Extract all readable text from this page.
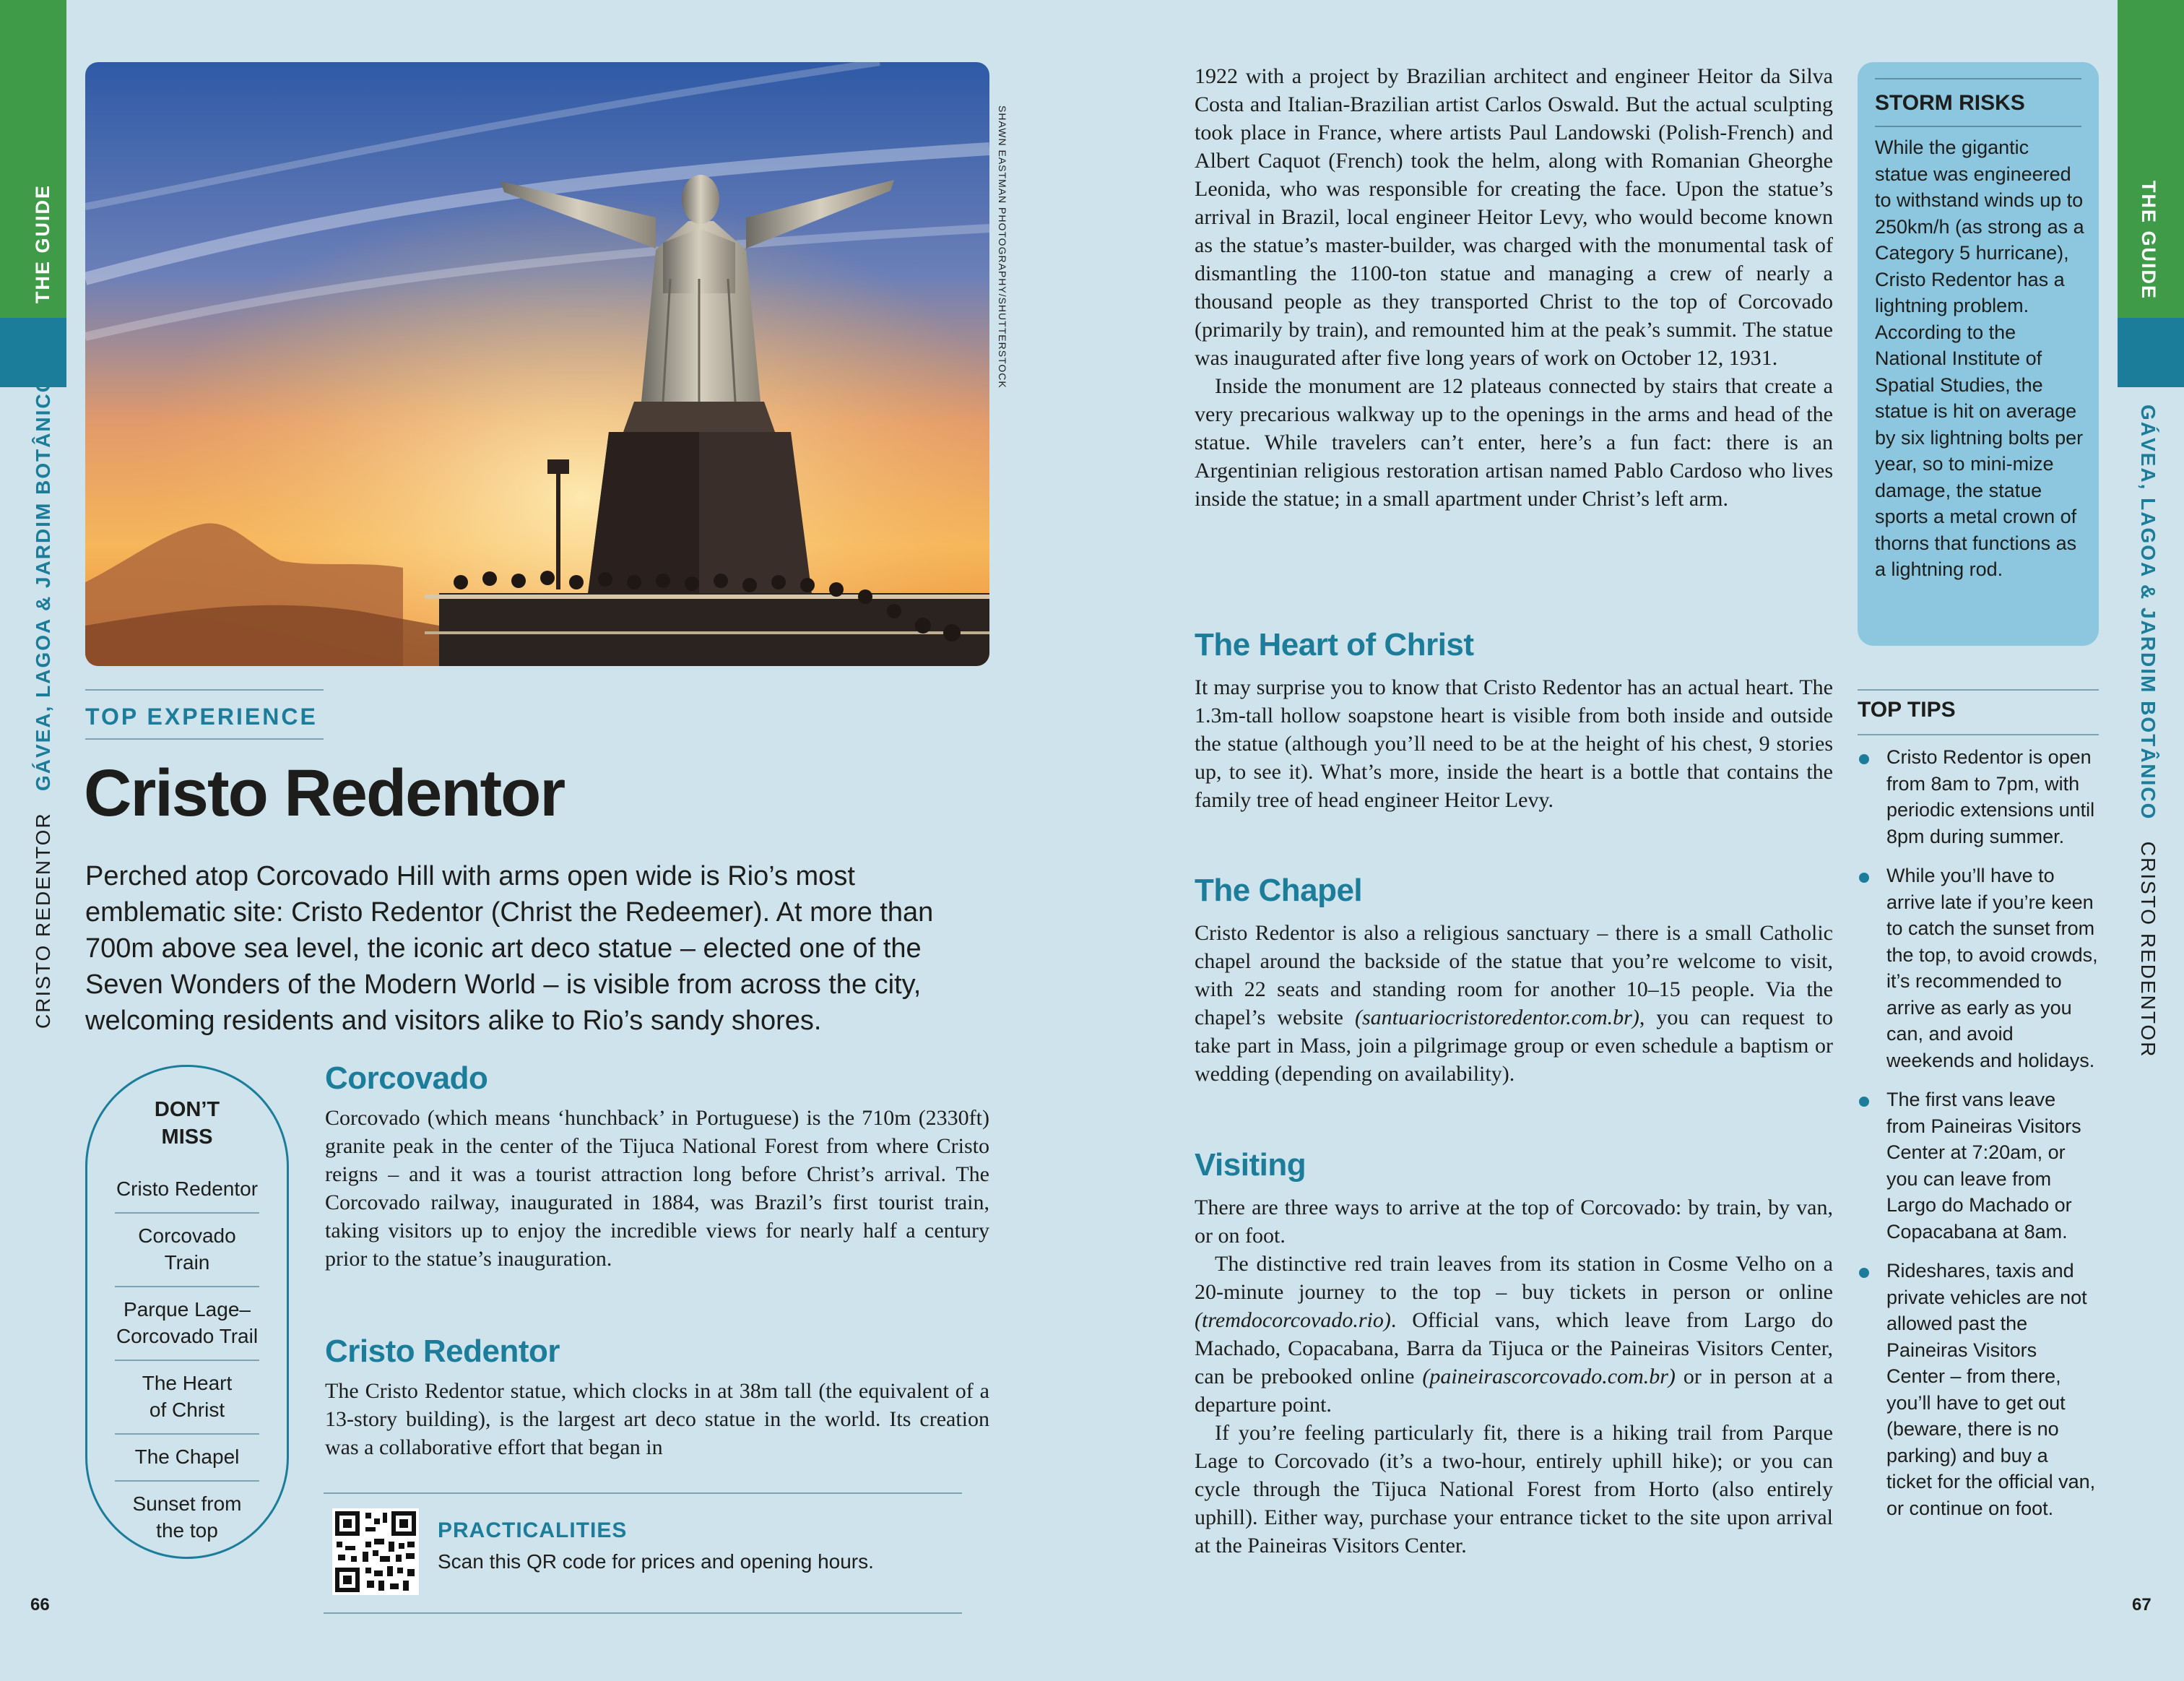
THE GUIDE
CRISTO REDENTOR   GÁVEA, LAGOA & JARDIM BOTÂNICO
66
THE GUIDE
GÁVEA, LAGOA & JARDIM BOTÂNICO   CRISTO REDENTOR
67
SHAWN EASTMAN PHOTOGRAPHY/SHUTTERSTOCK
TOP EXPERIENCE
Cristo Redentor
Perched atop Corcovado Hill with arms open wide is Rio’s most emblematic site: Cristo Redentor (Christ the Redeemer). At more than 700m above sea level, the iconic art deco statue – elected one of the Seven Wonders of the Modern World – is visible from across the city, welcoming residents and visitors alike to Rio’s sandy shores.
DON’T
MISS
Cristo Redentor
Corcovado Train
Parque Lage–
Corcovado Trail
The Heart
of Christ
The Chapel
Sunset from
the top
Corcovado

Corcovado (which means ‘hunchback’ in Portuguese) is the 710m (2330ft) granite peak in the center of the Tijuca National Forest from where Cristo reigns – and it was a tourist attraction long before Christ’s arrival. The Corcovado railway, inaugurated in 1884, was Brazil’s first tourist train, taking visitors up to enjoy the incredible views for nearly half a century prior to the statue’s inauguration.

Cristo Redentor

The Cristo Redentor statue, which clocks in at 38m tall (the equivalent of a 13-story building), is the largest art deco statue in the world. Its creation was a collaborative effort that began in

PRACTICALITIES
Scan this QR code for prices and opening hours.

1922 with a project by Brazilian architect and engineer Heitor da Silva Costa and Italian-Brazilian artist Carlos Oswald. But the actual sculpting took place in France, where artists Paul Landowski (Polish-French) and Albert Caquot (French) took the helm, along with Romanian Gheorghe Leonida, who was responsible for creating the face. Upon the statue’s arrival in Brazil, local engineer Heitor Levy, who would become known as the statue’s master-builder, was charged with the monumental task of dismantling the 1100-ton statue and managing a crew of nearly a thousand people as they transported Christ to the top of Corcovado (primarily by train), and remounted him at the peak’s summit. The statue was inaugurated after five long years of work on October 12, 1931.

Inside the monument are 12 plateaus connected by stairs that create a very precarious walkway up to the openings in the arms and head of the statue. While travelers can’t enter, here’s a fun fact: there is an Argentinian religious restoration artisan named Pablo Cardoso who lives inside the statue; in a small apartment under Christ’s left arm.

The Heart of Christ

It may surprise you to know that Cristo Redentor has an actual heart. The 1.3m-tall hollow soapstone heart is visible from both inside and outside the statue (although you’ll need to be at the height of his chest, 9 stories up, to see it). What’s more, inside the heart is a bottle that contains the family tree of head engineer Heitor Levy.

The Chapel

Cristo Redentor is also a religious sanctuary – there is a small Catholic chapel around the backside of the statue that you’re welcome to visit, with 22 seats and standing room for another 10–15 people. Via the chapel’s website (santuariocristoredentor.com.br), you can request to take part in Mass, join a pilgrimage group or even schedule a baptism or wedding (depending on availability).

Visiting

There are three ways to arrive at the top of Corcovado: by train, by van, or on foot.

The distinctive red train leaves from its station in Cosme Velho on a 20-minute journey to the top – buy tickets in person or online (tremdocorcovado.rio). Official vans, which leave from Largo do Machado, Copacabana, Barra da Tijuca or the Paineiras Visitors Center, can be prebooked online (paineirascorcovado.com.br) or in person at a departure point.

If you’re feeling particularly fit, there is a hiking trail from Parque Lage to Corcovado (it’s a two-hour, entirely uphill hike); or you can cycle through the Tijuca National Forest from Horto (also entirely uphill). Either way, purchase your entrance ticket to the site upon arrival at the Paineiras Visitors Center.

STORM RISKS
While the gigantic statue was engineered to withstand winds up to 250km/h (as strong as a Category 5 hurricane), Cristo Redentor has a lightning problem. According to the National Institute of Spatial Studies, the statue is hit on average by six lightning bolts per year, so to mini-mize damage, the statue sports a metal crown of thorns that functions as a lightning rod.
TOP TIPS
Cristo Redentor is open from 8am to 7pm, with periodic extensions until 8pm during summer.
While you’ll have to arrive late if you’re keen to catch the sunset from the top, to avoid crowds, it’s recommended to arrive as early as you can, and avoid weekends and holidays.
The first vans leave from Paineiras Visitors Center at 7:20am, or you can leave from Largo do Machado or Copacabana at 8am.
Rideshares, taxis and private vehicles are not allowed past the Paineiras Visitors Center – from there, you’ll have to get out (beware, there is no parking) and buy a ticket for the official van, or continue on foot.
